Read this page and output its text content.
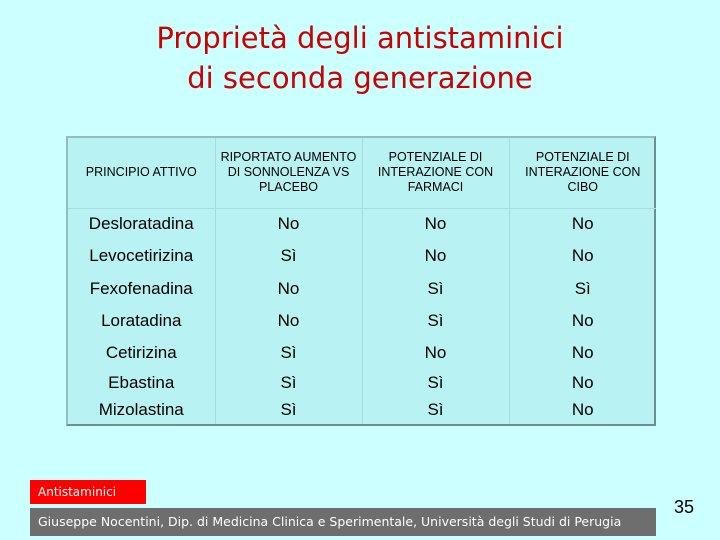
Proprietà degli antistaminici
di seconda generazione
PRINCIPIO ATTIVO	RIPORTATO AUMENTO DI SONNOLENZA VS PLACEBO	POTENZIALE DI INTERAZIONE CON FARMACI	POTENZIALE DI INTERAZIONE CON CIBO
Desloratadina	No	No	No
Levocetirizina	Sì	No	No
Fexofenadina	No	Sì	Sì
Loratadina	No	Sì	No
Cetirizina	Sì	No	No
Ebastina	Sì	Sì	No
Mizolastina	Sì	Sì	No
Antistaminici
Giuseppe Nocentini, Dip. di Medicina Clinica e Sperimentale, Università degli Studi di Perugia
35
